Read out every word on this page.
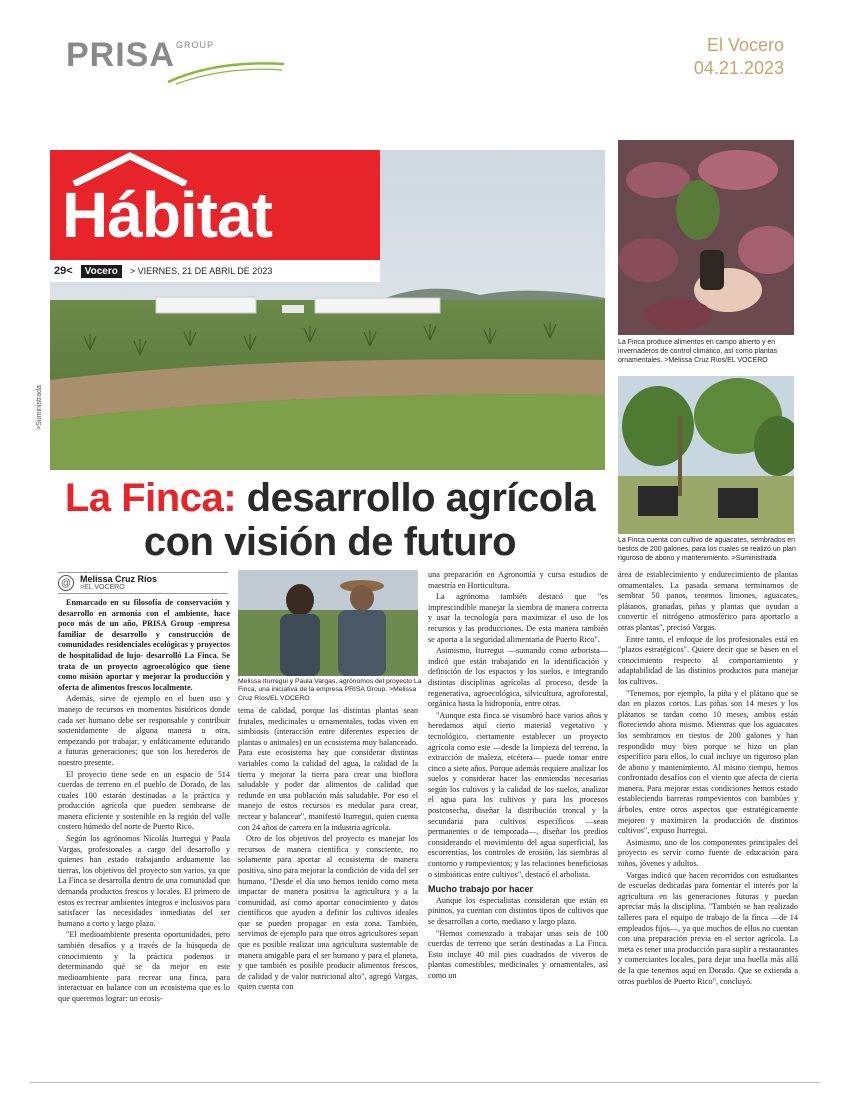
PRISA GROUP	El Vocero
04.21.2023
>Suministrada
Hábitat
29<	Vocero	> VIERNES, 21 DE ABRIL DE 2023
La Finca produce alimentos en campo abierto y en invernaderos de control climático, así como plantas ornamentales. >Melissa Cruz Ríos/EL VOCERO
La Finca cuenta con cultivo de aguacates, sembrados en tiestos de 200 galones, para los cuales se realizó un plan riguroso de abono y mantenimiento. >Suministrada
La Finca: desarrollo agrícola
con visión de futuro
@ Melissa Cruz Ríos
>EL VOCERO
Melissa Iturregui y Paula Vargas, agrónomos del proyecto La Finca, una iniciativa de la empresa PRISA Group. >Melissa Cruz Ríos/EL VOCERO

Enmarcado en su filosofía de conservación y desarrollo en armonía con el ambiente, hace poco más de un año, PRISA Group -empresa familiar de desarrollo y construcción de comunidades residenciales ecológicas y proyectos de hospitalidad de lujo- desarrolló La Finca. Se trata de un proyecto agroecológico que tiene como misión aportar y mejorar la producción y oferta de alimentos frescos localmente.

Además, sirve de ejemplo en el buen uso y manejo de recursos en momentos históricos donde cada ser humano debe ser responsable y contribuir sostenidamente de alguna manera u otra, empezando por trabajar, y enfáticamente educando a futuras generaciones; que son los herederos de nuestro presente.

El proyecto tiene sede en un espacio de 514 cuerdas de terreno en el pueblo de Dorado, de las cuales 100 estarán destinadas a la práctica y producción agrícola que pueden sembrarse de manera eficiente y sostenible en la región del valle costero húmedo del norte de Puerto Rico.

Según los agrónomos Nicolás Iturregui y Paula Vargas, profesionales a cargo del desarrollo y quienes han estado trabajando arduamente las tierras, los objetivos del proyecto son varios, ya que La Finca se desarrolla dentro de una comunidad que demanda productos frescos y locales. El primero de estos es recrear ambientes íntegros e inclusivos para satisfacer las necesidades inmediatas del ser humano a corto y largo plazo.

"El medioambiente presenta oportunidades, pero también desafíos y a través de la búsqueda de conocimiento y la práctica podemos ir determinando qué se da mejor en este medioambiente para recrear una finca, para interactuar en balance con un ecosistema que es lo que queremos lograr: un ecosis-

tema de calidad, porque las distintas plantas sean frutales, medicinales u ornamentales, todas viven en simbiosis (interacción entre diferentes especies de plantas o animales) en un ecosistema muy balanceado. Para este ecosistema hay que considerar distintas variables como la calidad del agua, la calidad de la tierra y mejorar la tierra para crear una bioflora saludable y poder dar alimentos de calidad que redunde en una población más saludable. Por eso el manejo de estos recursos es medular para crear, recrear y balancear", manifestó Iturregui, quien cuenta con 24 años de carrera en la industria agrícola.

Otro de los objetivos del proyecto es manejar los recursos de manera científica y consciente, no solamente para aportar al ecosistema de manera positiva, sino para mejorar la condición de vida del ser humano. "Desde el día uno hemos tenido como meta impactar de manera positiva la agricultura y a la comunidad, así como aportar conocimiento y datos científicos que ayuden a definir los cultivos ideales que se pueden propagar en esta zona. También, servimos de ejemplo para que otros agricultores sepan que es posible realizar una agricultura sustentable de manera amigable para el ser humano y para el planeta, y que también es posible producir alimentos frescos, de calidad y de valor nutricional alto", agregó Vargas, quien cuenta con

una preparación en Agronomía y cursa estudios de maestría en Horticultura.

La agrónoma también destacó que "es imprescindible manejar la siembra de manera correcta y usar la tecnología para maximizar el uso de los recursos y las producciones. De esta manera también se aporta a la seguridad alimentaria de Puerto Rico".

Asimismo, Iturregui —sumando como arborista— indicó que están trabajando en la identificación y definición de los espacios y los suelos, e integrando distintas disciplinas agrícolas al proceso, desde la regenerativa, agroecológica, silvicultura, agroforestal, orgánica hasta la hidroponía, entre otras.

"Aunque esta finca se visumbró hace varios años y heredamos aquí cierto material vegetativo y tecnológico, ciertamente establecer un proyecto agrícola como este —desde la limpieza del terreno, la extracción de maleza, etcétera— puede tomar entre cinco a siete años. Porque además requiere analizar los suelos y considerar hacer las enmiendas necesarias según los cultivos y la calidad de los suelos, analizar el agua para los cultivos y para los procesos postcosecha, diseñar la distribución troncal y la secundaria para cultivos específicos —sean permanentes o de temporada—, diseñar los predios considerando el movimiento del agua superficial, las escorrentías, los controles de erosión, las siembras al contorno y rompevientos; y las relaciones beneficiosas o simbióticas entre cultivos", destacó el arbolista.

Mucho trabajo por hacer

Aunque los especialistas consideran que están en pininos, ya cuentan con distintos tipos de cultivos que se desarrollan a corto, mediano y largo plazo.

"Hemos comenzado a trabajar unas seis de 100 cuerdas de terreno que serán destinadas a La Finca. Esto incluye 40 mil pies cuadrados de viveros de plantas comestibles, medicinales y ornamentales, así como un

área de establecimiento y endurecimiento de plantas ornamentales. La pasada semana terminamos de sembrar 50 panos, tenemos limones, aguacates, plátanos, granadas, piñas y plantas que ayudan a convertir el nitrógeno atmosférico para aportarlo a otras plantas", precisó Vargas.

Entre tanto, el enfoque de los profesionales está en "plazos estratégicos". Quiere decir que se basen en el conocimiento respecto al comportamiento y adaptabilidad de las distintos productos para manejar los cultivos.

"Tenemos, por ejemplo, la piña y el plátano que se dan en plazos cortos. Las piñas son 14 meses y los plátanos se tardan como 10 meses, ambos están floreciendo ahora mismo. Mientras que los aguacates los sembramos en tiestos de 200 galones y han respondido muy bien porque se hizo un plan específico para ellos, lo cual incluye un riguroso plan de abono y mantenimiento. Al mismo tiempo, hemos confrontado desafíos con el viento que afecta de cierta manera. Para mejorar estas condiciones hemos estado estableciendo barreras rompevientos con bambúes y árboles, entre otros aspectos que estratégicamente mejoren y maximicen la producción de distintos cultivos", expuso Iturregui.

Asimismo, uno de los componentes principales del proyecto es servir como fuente de educación para niños, jóvenes y adultos.

Vargas indicó que hacen recorridos con estudiantes de escuelas dedicadas para fomentar el interés por la agricultura en las generaciones futuras y puedan apreciar más la disciplina. "También se han realizado talleres para el equipo de trabajo de la finca —de 14 empleados fijos—, ya que muchos de ellos no cuentan con una preparación previa en el sector agrícola. La meta es tener una producción para suplir a restaurantes y comerciantes locales, para dejar una huella más allá de la que tenemos aquí en Dorado. Que se extienda a otros pueblos de Puerto Rico", concluyó.
